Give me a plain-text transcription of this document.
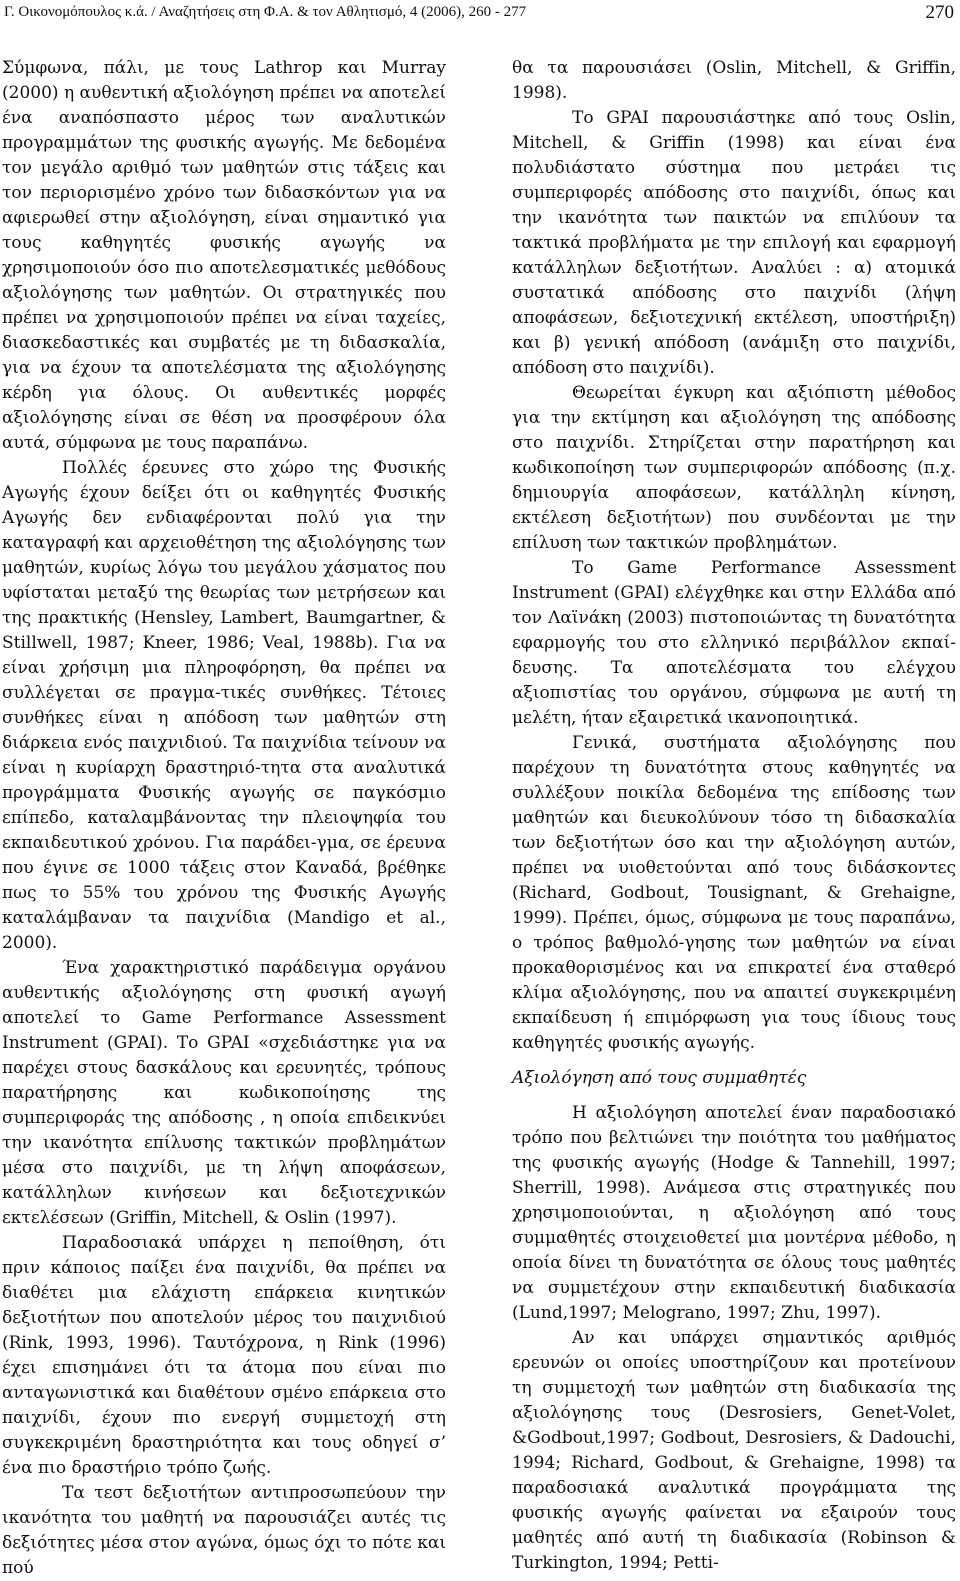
Γ. Οικονομόπουλος κ.ά. / Αναζητήσεις στη Φ.Α. & τον Αθλητισμό, 4 (2006), 260 - 277	270

Σύμφωνα, πάλι, με τους Lathrop και Murray (2000) η αυθεντική αξιολόγηση πρέπει να αποτελεί ένα αναπόσπαστο μέρος των αναλυτικών προγραμμάτων της φυσικής αγωγής. Με δεδομένα τον μεγάλο αριθμό των μαθητών στις τάξεις και τον περιορισμένο χρόνο των διδασκόντων για να αφιερωθεί στην αξιολόγηση, είναι σημαντικό για τους καθηγητές φυσικής αγωγής να χρησιμοποιούν όσο πιο αποτελεσματικές μεθόδους αξιολόγησης των μαθητών. Οι στρατηγικές που πρέπει να χρησιμοποιούν πρέπει να είναι ταχείες, διασκεδαστικές και συμβατές με τη διδασκαλία, για να έχουν τα αποτελέσματα της αξιολόγησης κέρδη για όλους. Οι αυθεντικές μορφές αξιολόγησης είναι σε θέση να προσφέρουν όλα αυτά, σύμφωνα με τους παραπάνω.

Πολλές έρευνες στο χώρο της Φυσικής Αγωγής έχουν δείξει ότι οι καθηγητές Φυσικής Αγωγής δεν ενδιαφέρονται πολύ για την καταγραφή και αρχειοθέτηση της αξιολόγησης των μαθητών, κυρίως λόγω του μεγάλου χάσματος που υφίσταται μεταξύ της θεωρίας των μετρήσεων και της πρακτικής (Hensley, Lambert, Baumgartner, & Stillwell, 1987; Kneer, 1986; Veal, 1988b). Για να είναι χρήσιμη μια πληροφόρηση, θα πρέπει να συλλέγεται σε πραγμα-τικές συνθήκες. Τέτοιες συνθήκες είναι η απόδοση των μαθητών στη διάρκεια ενός παιχνιδιού. Τα παιχνίδια τείνουν να είναι η κυρίαρχη δραστηριό-τητα στα αναλυτικά προγράμματα Φυσικής αγωγής σε παγκόσμιο επίπεδο, καταλαμβάνοντας την πλειοψηφία του εκπαιδευτικού χρόνου. Για παράδει-γμα, σε έρευνα που έγινε σε 1000 τάξεις στον Καναδά, βρέθηκε πως το 55% του χρόνου της Φυσικής Αγωγής καταλάμβαναν τα παιχνίδια (Mandigo et al., 2000).

Ένα χαρακτηριστικό παράδειγμα οργάνου αυθεντικής αξιολόγησης στη φυσική αγωγή αποτελεί το Game Performance Assessment Instrument (GPAI). Το GPAI «σχεδιάστηκε για να παρέχει στους δασκάλους και ερευνητές, τρόπους παρατήρησης και κωδικοποίησης της συμπεριφοράς της απόδοσης , η οποία επιδεικνύει την ικανότητα επίλυσης τακτικών προβλημάτων μέσα στο παιχνίδι, με τη λήψη αποφάσεων, κατάλληλων κινήσεων και δεξιοτεχνικών εκτελέσεων (Griffin, Mitchell, & Oslin (1997).

Παραδοσιακά υπάρχει η πεποίθηση, ότι πριν κάποιος παίξει ένα παιχνίδι, θα πρέπει να διαθέτει μια ελάχιστη επάρκεια κινητικών δεξιοτήτων που αποτελούν μέρος του παιχνιδιού (Rink, 1993, 1996). Ταυτόχρονα, η Rink (1996) έχει επισημάνει ότι τα άτομα που είναι πιο ανταγωνιστικά και διαθέτουν σμένο επάρκεια στο παιχνίδι, έχουν πιο ενεργή συμμετοχή στη συγκεκριμένη δραστηριότητα και τους οδηγεί σ’ ένα πιο δραστήριο τρόπο ζωής.

Τα τεστ δεξιοτήτων αντιπροσωπεύουν την ικανότητα του μαθητή να παρουσιάζει αυτές τις δεξιότητες μέσα στον αγώνα, όμως όχι το πότε και πού

θα τα παρουσιάσει (Oslin, Mitchell, & Griffin, 1998).

Το GPAI παρουσιάστηκε από τους Oslin, Mitchell, & Griffin (1998) και είναι ένα πολυδιάστατο σύστημα που μετράει τις συμπεριφορές απόδοσης στο παιχνίδι, όπως και την ικανότητα των παικτών να επιλύουν τα τακτικά προβλήματα με την επιλογή και εφαρμογή κατάλληλων δεξιοτήτων. Αναλύει : α) ατομικά συστατικά απόδοσης στο παιχνίδι (λήψη αποφάσεων, δεξιοτεχνική εκτέλεση, υποστήριξη) και β) γενική απόδοση (ανάμιξη στο παιχνίδι, απόδοση στο παιχνίδι).

Θεωρείται έγκυρη και αξιόπιστη μέθοδος για την εκτίμηση και αξιολόγηση της απόδοσης στο παιχνίδι. Στηρίζεται στην παρατήρηση και κωδικοποίηση των συμπεριφορών απόδοσης (π.χ. δημιουργία αποφάσεων, κατάλληλη κίνηση, εκτέλεση δεξιοτήτων) που συνδέονται με την επίλυση των τακτικών προβλημάτων.

Το Game Performance Assessment Instrument (GPAI) ελέγχθηκε και στην Ελλάδα από τον Λαϊνάκη (2003) πιστοποιώντας τη δυνατότητα εφαρμογής του στο ελληνικό περιβάλλον εκπαί-δευσης. Τα αποτελέσματα του ελέγχου αξιοπιστίας του οργάνου, σύμφωνα με αυτή τη μελέτη, ήταν εξαιρετικά ικανοποιητικά.

Γενικά, συστήματα αξιολόγησης που παρέχουν τη δυνατότητα στους καθηγητές να συλλέξουν ποικίλα δεδομένα της επίδοσης των μαθητών και διευκολύνουν τόσο τη διδασκαλία των δεξιοτήτων όσο και την αξιολόγηση αυτών, πρέπει να υιοθετούνται από τους διδάσκοντες (Richard, Godbout, Tousignant, & Grehaigne, 1999). Πρέπει, όμως, σύμφωνα με τους παραπάνω, ο τρόπος βαθμολό-γησης των μαθητών να είναι προκαθορισμένος και να επικρατεί ένα σταθερό κλίμα αξιολόγησης, που να απαιτεί συγκεκριμένη εκπαίδευση ή επιμόρφωση για τους ίδιους τους καθηγητές φυσικής αγωγής.

Αξιολόγηση από τους συμμαθητές

Η αξιολόγηση αποτελεί έναν παραδοσιακό τρόπο που βελτιώνει την ποιότητα του μαθήματος της φυσικής αγωγής (Hodge & Tannehill, 1997; Sherrill, 1998). Ανάμεσα στις στρατηγικές που χρησιμοποιούνται, η αξιολόγηση από τους συμμαθητές στοιχειοθετεί μια μοντέρνα μέθοδο, η οποία δίνει τη δυνατότητα σε όλους τους μαθητές να συμμετέχουν στην εκπαιδευτική διαδικασία (Lund,1997; Melograno, 1997; Zhu, 1997).

Αν και υπάρχει σημαντικός αριθμός ερευνών οι οποίες υποστηρίζουν και προτείνουν τη συμμετοχή των μαθητών στη διαδικασία της αξιολόγησης τους (Desrosiers, Genet-Volet, &Godbout,1997; Godbout, Desrosiers, & Dadouchi, 1994; Richard, Godbout, & Grehaigne, 1998) τα παραδοσιακά αναλυτικά προγράμματα της φυσικής αγωγής φαίνεται να εξαιρούν τους μαθητές από αυτή τη διαδικασία (Robinson & Turkington, 1994; Petti-
